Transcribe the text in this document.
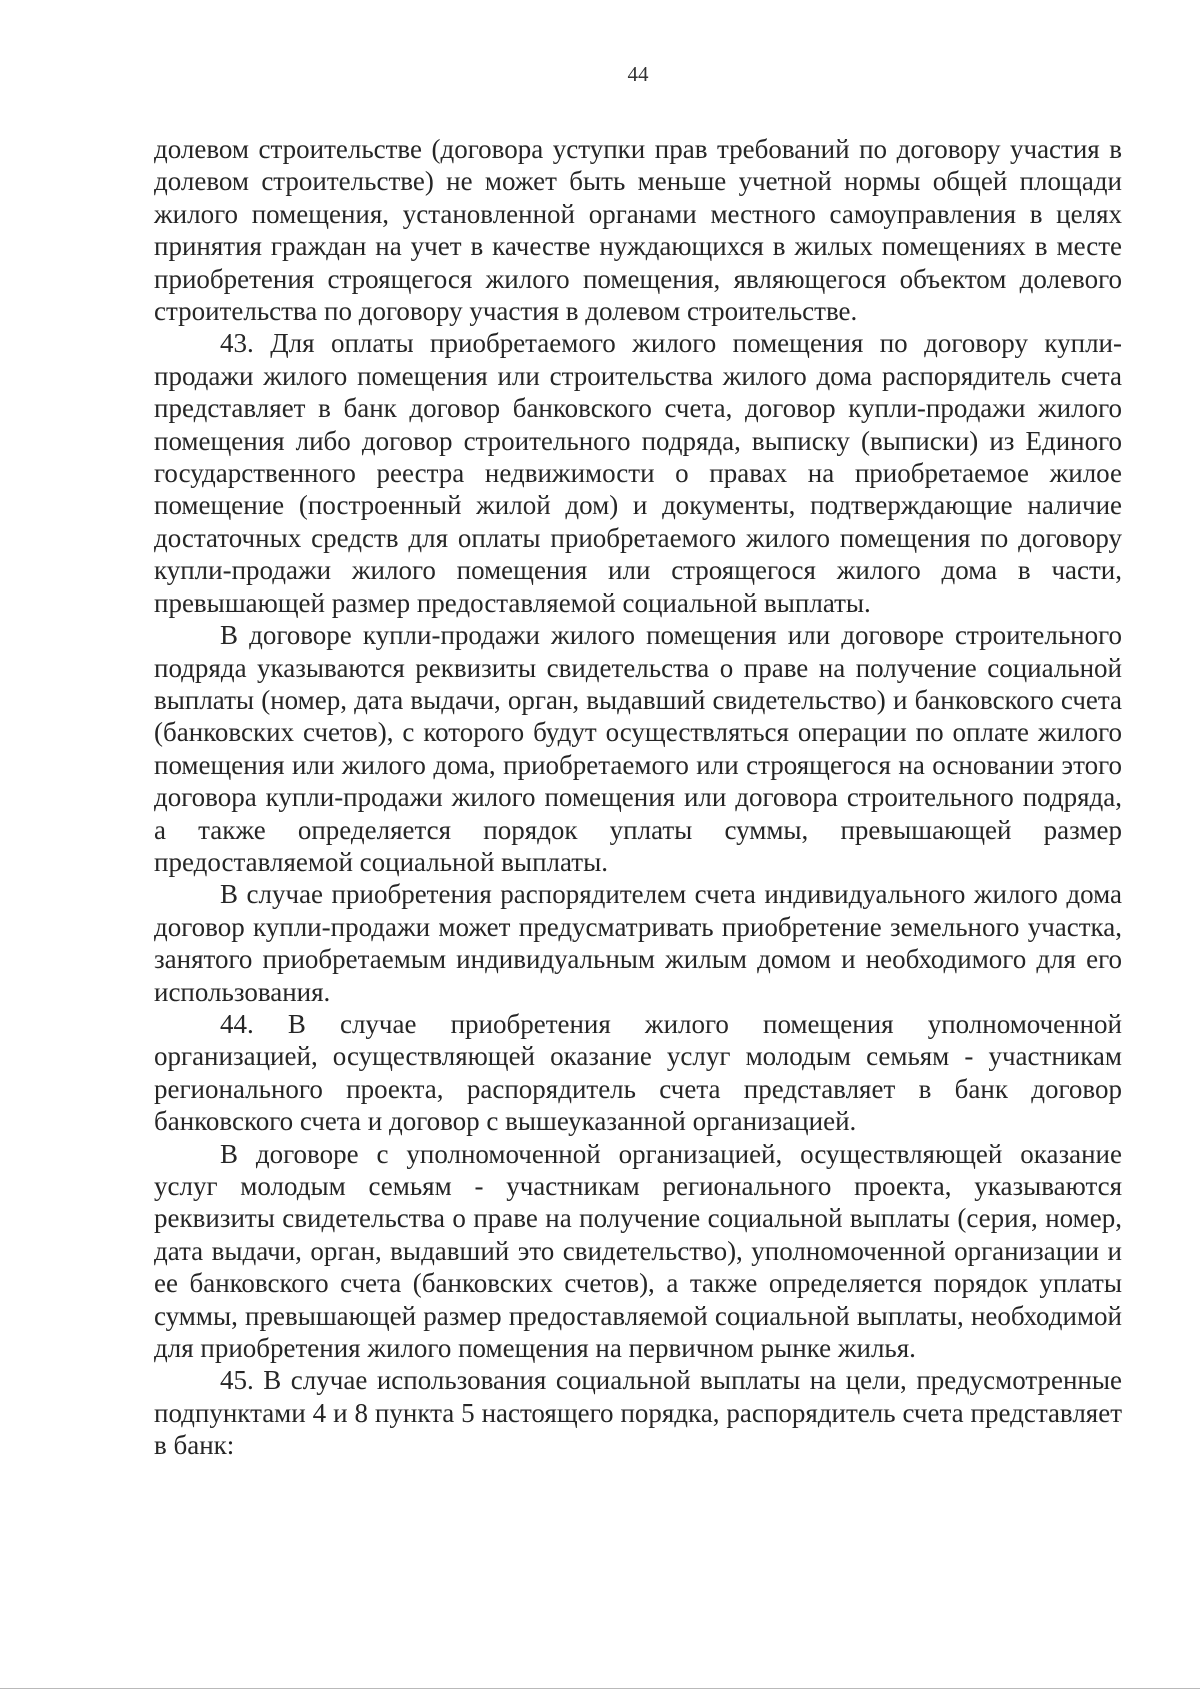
44

долевом строительстве (договора уступки прав требований по договору участия в долевом строительстве) не может быть меньше учетной нормы общей площади жилого помещения, установленной органами местного самоуправления в целях принятия граждан на учет в качестве нуждающихся в жилых помещениях в месте приобретения строящегося жилого помещения, являющегося объектом долевого строительства по договору участия в долевом строительстве.

43. Для оплаты приобретаемого жилого помещения по договору купли-продажи жилого помещения или строительства жилого дома распорядитель счета представляет в банк договор банковского счета, договор купли-продажи жилого помещения либо договор строительного подряда, выписку (выписки) из Единого государственного реестра недвижимости о правах на приобретаемое жилое помещение (построенный жилой дом) и документы, подтверждающие наличие достаточных средств для оплаты приобретаемого жилого помещения по договору купли-продажи жилого помещения или строящегося жилого дома в части, превышающей размер предоставляемой социальной выплаты.

В договоре купли-продажи жилого помещения или договоре строительного подряда указываются реквизиты свидетельства о праве на получение социальной выплаты (номер, дата выдачи, орган, выдавший свидетельство) и банковского счета (банковских счетов), с которого будут осуществляться операции по оплате жилого помещения или жилого дома, приобретаемого или строящегося на основании этого договора купли-продажи жилого помещения или договора строительного подряда, а также определяется порядок уплаты суммы, превышающей размер предоставляемой социальной выплаты.

В случае приобретения распорядителем счета индивидуального жилого дома договор купли-продажи может предусматривать приобретение земельного участка, занятого приобретаемым индивидуальным жилым домом и необходимого для его использования.

44. В случае приобретения жилого помещения уполномоченной организацией, осуществляющей оказание услуг молодым семьям - участникам регионального проекта, распорядитель счета представляет в банк договор банковского счета и договор с вышеуказанной организацией.

В договоре с уполномоченной организацией, осуществляющей оказание услуг молодым семьям - участникам регионального проекта, указываются реквизиты свидетельства о праве на получение социальной выплаты (серия, номер, дата выдачи, орган, выдавший это свидетельство), уполномоченной организации и ее банковского счета (банковских счетов), а также определяется порядок уплаты суммы, превышающей размер предоставляемой социальной выплаты, необходимой для приобретения жилого помещения на первичном рынке жилья.

45. В случае использования социальной выплаты на цели, предусмотренные подпунктами 4 и 8 пункта 5 настоящего порядка, распорядитель счета представляет в банк:
